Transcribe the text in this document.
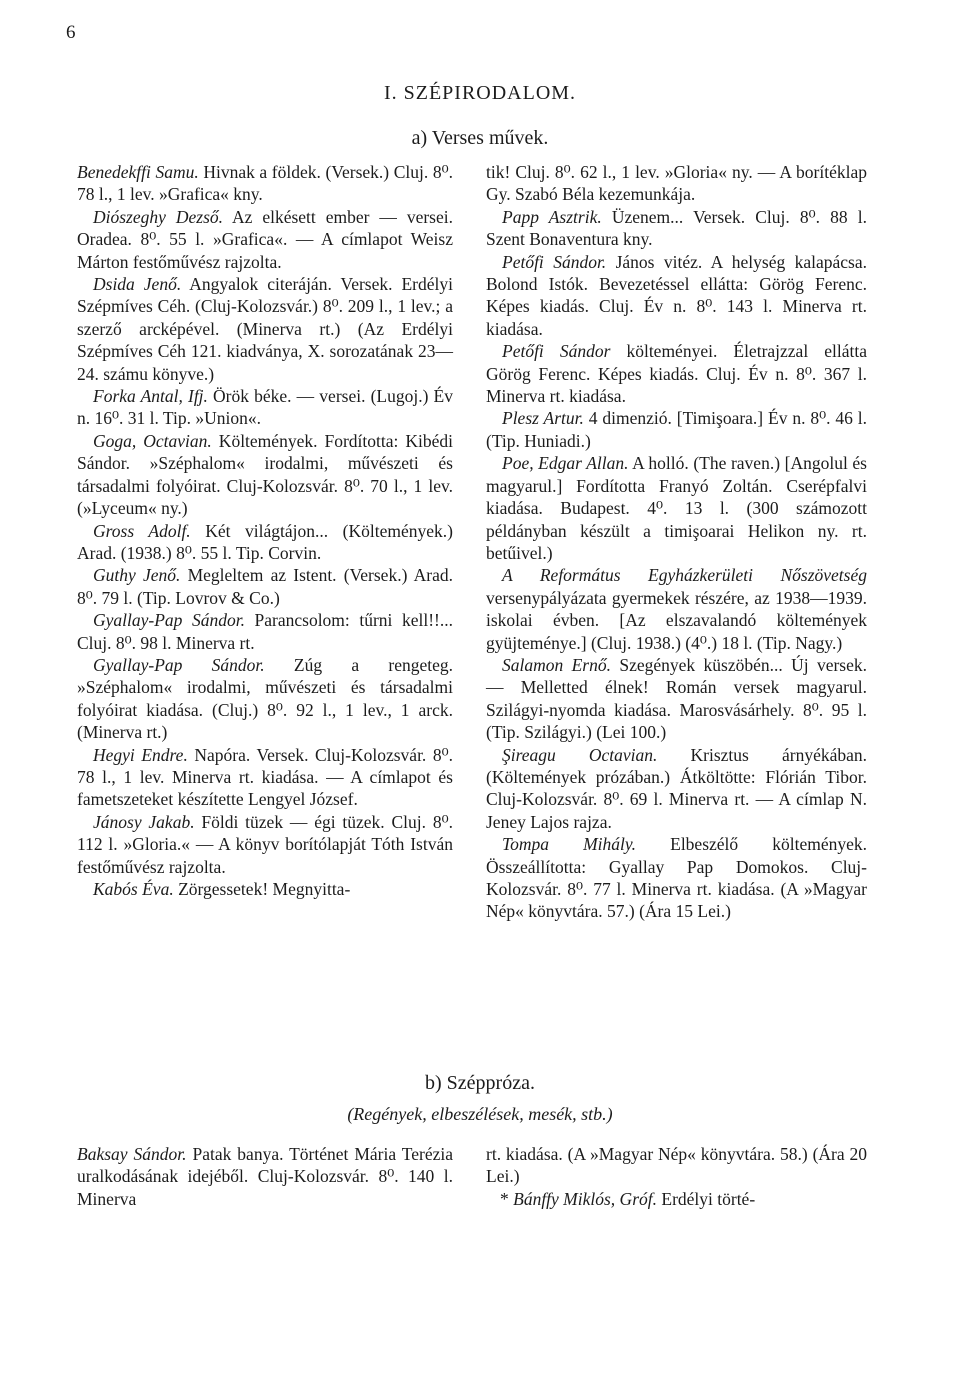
6
I. SZÉPIRODALOM.
a) Verses művek.

Benedekffi Samu. Hivnak a földek. (Versek.) Cluj. 8⁰. 78 l., 1 lev. »Grafica« kny.

Diószeghy Dezső. Az elkésett ember — versei. Oradea. 8⁰. 55 l. »Grafica«. — A címlapot Weisz Márton festőművész rajzolta.

Dsida Jenő. Angyalok citeráján. Versek. Erdélyi Szépmíves Céh. (Cluj-Kolozsvár.) 8⁰. 209 l., 1 lev.; a szerző arcképével. (Minerva rt.) (Az Erdélyi Szépmíves Céh 121. kiadványa, X. sorozatának 23—24. számu könyve.)

Forka Antal, Ifj. Örök béke. — versei. (Lugoj.) Év n. 16⁰. 31 l. Tip. »Union«.

Goga, Octavian. Költemények. Fordította: Kibédi Sándor. »Széphalom« irodalmi, művészeti és társadalmi folyóirat. Cluj-Kolozsvár. 8⁰. 70 l., 1 lev. (»Lyceum« ny.)

Gross Adolf. Két világtájon... (Költemények.) Arad. (1938.) 8⁰. 55 l. Tip. Corvin.

Guthy Jenő. Megleltem az Istent. (Versek.) Arad. 8⁰. 79 l. (Tip. Lovrov & Co.)

Gyallay-Pap Sándor. Parancsolom: tűrni kell!!... Cluj. 8⁰. 98 l. Minerva rt.

Gyallay-Pap Sándor. Zúg a rengeteg. »Széphalom« irodalmi, művészeti és társadalmi folyóirat kiadása. (Cluj.) 8⁰. 92 l., 1 lev., 1 arck. (Minerva rt.)

Hegyi Endre. Napóra. Versek. Cluj-Kolozsvár. 8⁰. 78 l., 1 lev. Minerva rt. kiadása. — A címlapot és fametszeteket készítette Lengyel József.

Jánosy Jakab. Földi tüzek — égi tüzek. Cluj. 8⁰. 112 l. »Gloria.« — A könyv borítólapját Tóth István festőművész rajzolta.

Kabós Éva. Zörgessetek! Megnyitta-

tik! Cluj. 8⁰. 62 l., 1 lev. »Gloria« ny. — A borítéklap Gy. Szabó Béla kezemunkája.

Papp Asztrik. Üzenem... Versek. Cluj. 8⁰. 88 l. Szent Bonaventura kny.

Petőfi Sándor. János vitéz. A helység kalapácsa. Bolond Istók. Bevezetéssel ellátta: Görög Ferenc. Képes kiadás. Cluj. Év n. 8⁰. 143 l. Minerva rt. kiadása.

Petőfi Sándor költeményei. Életrajzzal ellátta Görög Ferenc. Képes kiadás. Cluj. Év n. 8⁰. 367 l. Minerva rt. kiadása.

Plesz Artur. 4 dimenzió. [Timişoara.] Év n. 8⁰. 46 l. (Tip. Huniadi.)

Poe, Edgar Allan. A holló. (The raven.) [Angolul és magyarul.] Fordította Franyó Zoltán. Cserépfalvi kiadása. Budapest. 4⁰. 13 l. (300 számozott példányban készült a timişoarai Helikon ny. rt. betűivel.)

A Református Egyházkerületi Nőszövetség versenypályázata gyermekek részére, az 1938—1939. iskolai évben. [Az elszavalandó költemények gyüjteménye.] (Cluj. 1938.) (4⁰.) 18 l. (Tip. Nagy.)

Salamon Ernő. Szegények küszöbén... Új versek. — Melletted élnek! Román versek magyarul. Szilágyi-nyomda kiadása. Marosvásárhely. 8⁰. 95 l. (Tip. Szilágyi.) (Lei 100.)

Şireagu Octavian. Krisztus árnyékában. (Költemények prózában.) Átköltötte: Flórián Tibor. Cluj-Kolozsvár. 8⁰. 69 l. Minerva rt. — A címlap N. Jeney Lajos rajza.

Tompa Mihály. Elbeszélő költemények. Összeállította: Gyallay Pap Domokos. Cluj-Kolozsvár. 8⁰. 77 l. Minerva rt. kiadása. (A »Magyar Nép« könyvtára. 57.) (Ára 15 Lei.)

b) Széppróza.
(Regények, elbeszélések, mesék, stb.)

Baksay Sándor. Patak banya. Történet Mária Terézia uralkodásának idejéből. Cluj-Kolozsvár. 8⁰. 140 l. Minerva

rt. kiadása. (A »Magyar Nép« könyvtára. 58.) (Ára 20 Lei.)

* Bánffy Miklós, Gróf. Erdélyi törté-
